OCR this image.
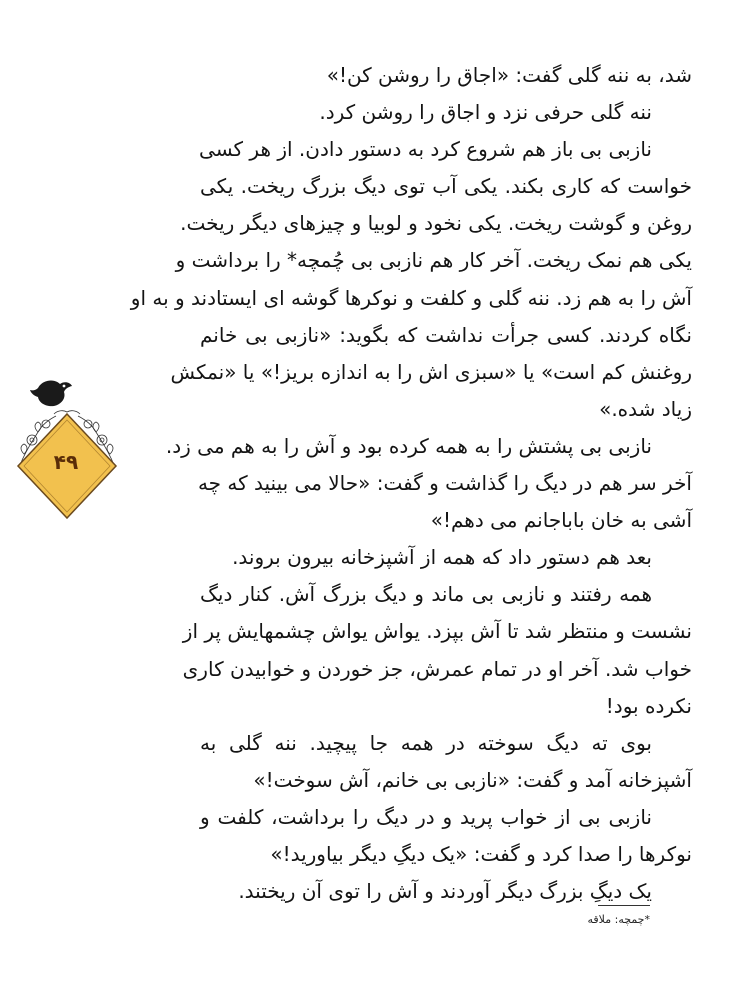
شد، به ننه گلی گفت: «اجاق را روشن کن!»
ننه گلی حرفی نزد و اجاق را روشن کرد.
نازبی بی باز هم شروع کرد به دستور دادن. از هر کسی
خواست که کاری بکند. یکی آب توی دیگ بزرگ ریخت. یکی
روغن و گوشت ریخت. یکی نخود و لوبیا و چیزهای دیگر ریخت.
یکی هم نمک ریخت. آخر کار هم نازبی بی چُمچه* را برداشت و
آش را به هم زد. ننه گلی و کلفت و نوکرها گوشه ای ایستادند و به او
نگاه کردند. کسی جرأت نداشت که بگوید: «نازبی بی خانم
روغنش کم است» یا «سبزی اش را به اندازه بریز!» یا «نمکش
زیاد شده.»
نازبی بی پشتش را به همه کرده بود و آش را به هم می زد.
آخر سر هم در دیگ را گذاشت و گفت: «حالا می بینید که چه
آشی به خان باباجانم می دهم!»
بعد هم دستور داد که همه از آشپزخانه بیرون بروند.
همه رفتند و نازبی بی ماند و دیگ بزرگ آش. کنار دیگ
نشست و منتظر شد تا آش بپزد. یواش یواش چشمهایش پر از
خواب شد. آخر او در تمام عمرش، جز خوردن و خوابیدن کاری
نکرده بود!
بوی ته دیگ سوخته در همه جا پیچید. ننه گلی به
آشپزخانه آمد و گفت: «نازبی بی خانم، آش سوخت!»
نازبی بی از خواب پرید و در دیگ را برداشت، کلفت و
نوکرها را صدا کرد و گفت: «یک دیگِ دیگر بیاورید!»
یک دیگِ بزرگ دیگر آوردند و آش را توی آن ریختند.
*چمچه: ملاقه
۴۹
